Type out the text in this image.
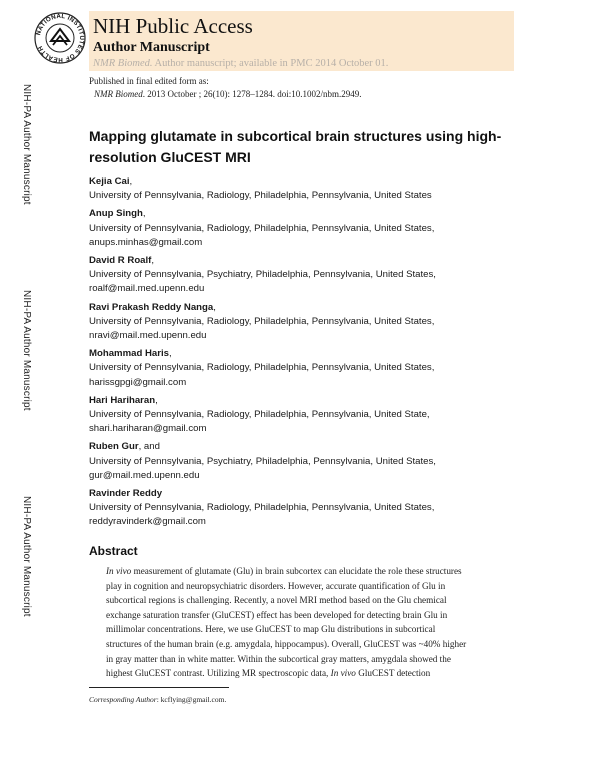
NATIONAL INSTITUTES OF HEALTH
NIH Public Access
Author Manuscript
NMR Biomed. Author manuscript; available in PMC 2014 October 01.
Published in final edited form as:
NMR Biomed. 2013 October ; 26(10): 1278–1284. doi:10.1002/nbm.2949.
NIH-PA Author Manuscript
NIH-PA Author Manuscript
NIH-PA Author Manuscript
Mapping glutamate in subcortical brain structures using high-
resolution GluCEST MRI
Kejia Cai,
University of Pennsylvania, Radiology, Philadelphia, Pennsylvania, United States
Anup Singh,
University of Pennsylvania, Radiology, Philadelphia, Pennsylvania, United States,
anups.minhas@gmail.com
David R Roalf,
University of Pennsylvania, Psychiatry, Philadelphia, Pennsylvania, United States,
roalf@mail.med.upenn.edu
Ravi Prakash Reddy Nanga,
University of Pennsylvania, Radiology, Philadelphia, Pennsylvania, United States,
nravi@mail.med.upenn.edu
Mohammad Haris,
University of Pennsylvania, Radiology, Philadelphia, Pennsylvania, United States,
harissgpgi@gmail.com
Hari Hariharan,
University of Pennsylvania, Radiology, Philadelphia, Pennsylvania, United State,
shari.hariharan@gmail.com
Ruben Gur, and
University of Pennsylvania, Psychiatry, Philadelphia, Pennsylvania, United States,
gur@mail.med.upenn.edu
Ravinder Reddy
University of Pennsylvania, Radiology, Philadelphia, Pennsylvania, United States,
reddyravinderk@gmail.com
Abstract
In vivo measurement of glutamate (Glu) in brain subcortex can elucidate the role these structures
play in cognition and neuropsychiatric disorders. However, accurate quantification of Glu in
subcortical regions is challenging. Recently, a novel MRI method based on the Glu chemical
exchange saturation transfer (GluCEST) effect has been developed for detecting brain Glu in
millimolar concentrations. Here, we use GluCEST to map Glu distributions in subcortical
structures of the human brain (e.g. amygdala, hippocampus). Overall, GluCEST was ~40% higher
in gray matter than in white matter. Within the subcortical gray matters, amygdala showed the
highest GluCEST contrast. Utilizing MR spectroscopic data, In vivo GluCEST detection
Corresponding Author: kcflying@gmail.com.
